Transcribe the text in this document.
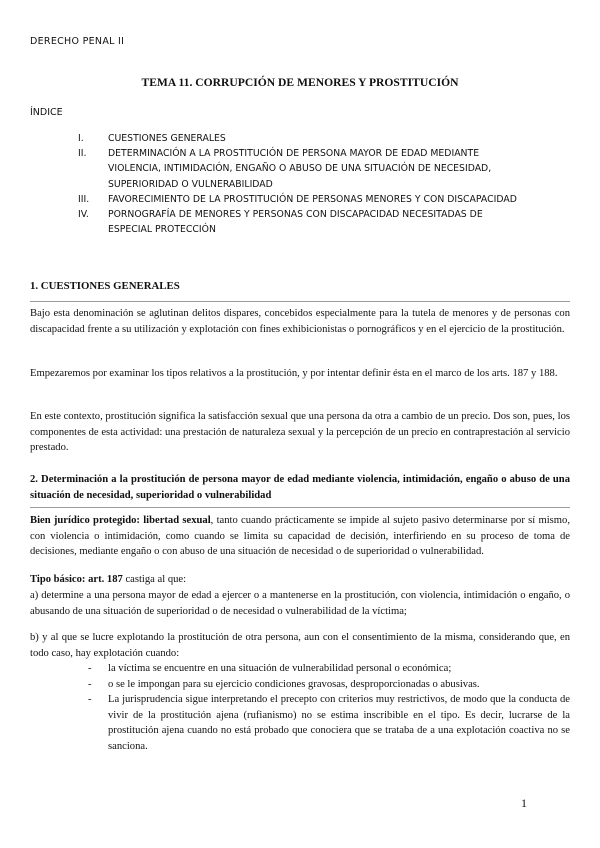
DERECHO PENAL II
TEMA 11. CORRUPCIÓN DE MENORES Y PROSTITUCIÓN
ÍNDICE
I.	CUESTIONES GENERALES
II.	DETERMINACIÓN A LA PROSTITUCIÓN DE PERSONA MAYOR DE EDAD MEDIANTE VIOLENCIA, INTIMIDACIÓN, ENGAÑO O ABUSO DE UNA SITUACIÓN DE NECESIDAD, SUPERIORIDAD O VULNERABILIDAD
III.	FAVORECIMIENTO DE LA PROSTITUCIÓN DE PERSONAS MENORES Y CON DISCAPACIDAD
IV.	PORNOGRAFÍA DE MENORES Y PERSONAS CON DISCAPACIDAD NECESITADAS DE ESPECIAL PROTECCIÓN
1. CUESTIONES GENERALES
Bajo esta denominación se aglutinan delitos dispares, concebidos especialmente para la tutela de menores y de personas con discapacidad frente a su utilización y explotación con fines exhibicionistas o pornográficos y en el ejercicio de la prostitución.
Empezaremos por examinar los tipos relativos a la prostitución, y por intentar definir ésta en el marco de los arts. 187 y 188.
En este contexto, prostitución significa la satisfacción sexual que una persona da otra a cambio de un precio. Dos son, pues, los componentes de esta actividad: una prestación de naturaleza sexual y la percepción de un precio en contraprestación al servicio prestado.
2. Determinación a la prostitución de persona mayor de edad mediante violencia, intimidación, engaño o abuso de una situación de necesidad, superioridad o vulnerabilidad
Bien jurídico protegido: libertad sexual, tanto cuando prácticamente se impide al sujeto pasivo determinarse por sí mismo, con violencia o intimidación, como cuando se limita su capacidad de decisión, interfiriendo en su proceso de toma de decisiones, mediante engaño o con abuso de una situación de necesidad o de superioridad o vulnerabilidad.
Tipo básico: art. 187 castiga al que:
a) determine a una persona mayor de edad a ejercer o a mantenerse en la prostitución, con violencia, intimidación o engaño, o abusando de una situación de superioridad o de necesidad o vulnerabilidad de la víctima;
b) y al que se lucre explotando la prostitución de otra persona, aun con el consentimiento de la misma, considerando que, en todo caso, hay explotación cuando:
-	la víctima se encuentre en una situación de vulnerabilidad personal o económica;
-	o se le impongan para su ejercicio condiciones gravosas, desproporcionadas o abusivas.
-	La jurisprudencia sigue interpretando el precepto con criterios muy restrictivos, de modo que la conducta de vivir de la prostitución ajena (rufianismo) no se estima inscribible en el tipo. Es decir, lucrarse de la prostitución ajena cuando no está probado que conociera que se trataba de a una explotación coactiva no se sanciona.
1
